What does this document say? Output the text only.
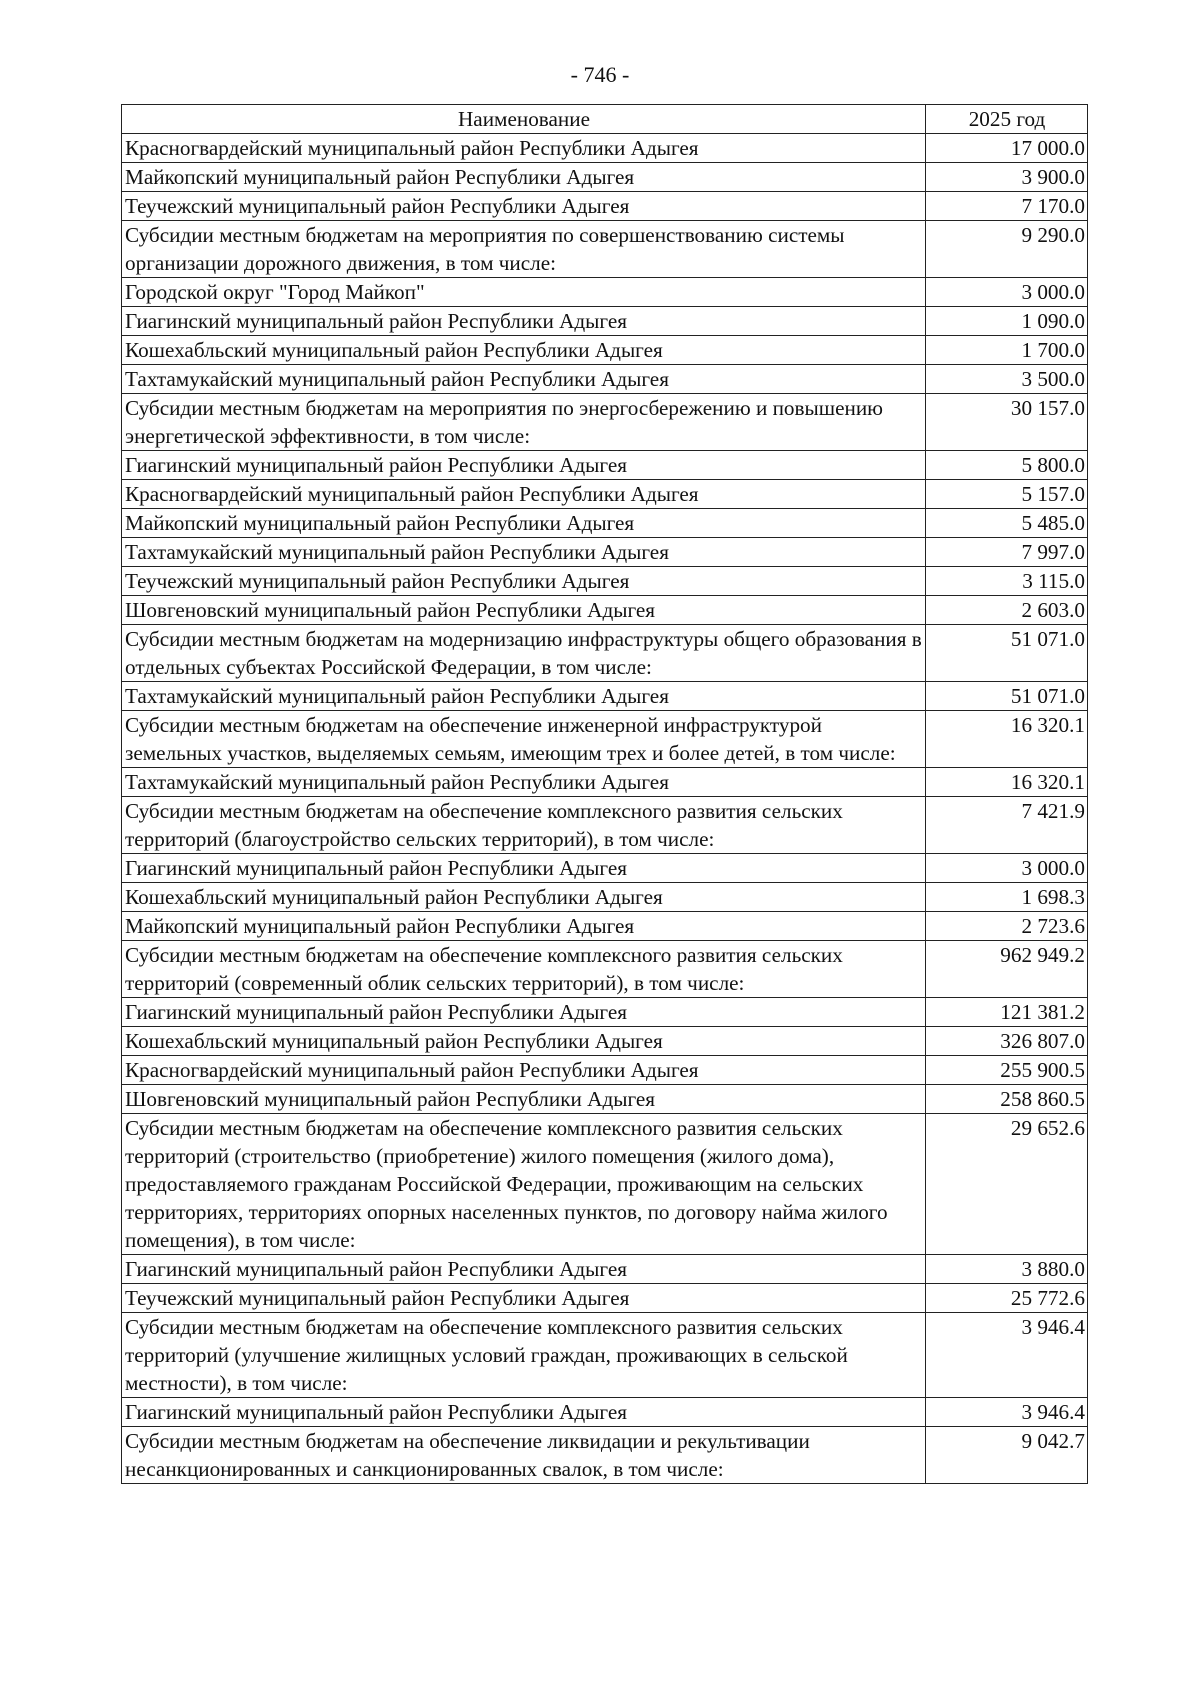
- 746 -
Наименование	2025 год
Красногвардейский муниципальный район Республики Адыгея	17 000.0
Майкопский муниципальный район Республики Адыгея	3 900.0
Теучежский муниципальный район Республики Адыгея	7 170.0
Субсидии местным бюджетам на мероприятия по совершенствованию системы организации дорожного движения, в том числе:	9 290.0
Городской округ "Город Майкоп"	3 000.0
Гиагинский муниципальный район Республики Адыгея	1 090.0
Кошехабльский муниципальный район Республики Адыгея	1 700.0
Тахтамукайский муниципальный район Республики Адыгея	3 500.0
Субсидии местным бюджетам на мероприятия по энергосбережению и повышению энергетической эффективности, в том числе:	30 157.0
Гиагинский муниципальный район Республики Адыгея	5 800.0
Красногвардейский муниципальный район Республики Адыгея	5 157.0
Майкопский муниципальный район Республики Адыгея	5 485.0
Тахтамукайский муниципальный район Республики Адыгея	7 997.0
Теучежский муниципальный район Республики Адыгея	3 115.0
Шовгеновский муниципальный район Республики Адыгея	2 603.0
Субсидии местным бюджетам на модернизацию инфраструктуры общего образования в отдельных субъектах Российской Федерации, в том числе:	51 071.0
Тахтамукайский муниципальный район Республики Адыгея	51 071.0
Субсидии местным бюджетам на обеспечение инженерной инфраструктурой земельных участков, выделяемых семьям, имеющим трех и более детей, в том числе:	16 320.1
Тахтамукайский муниципальный район Республики Адыгея	16 320.1
Субсидии местным бюджетам на обеспечение комплексного развития сельских территорий (благоустройство сельских территорий), в том числе:	7 421.9
Гиагинский муниципальный район Республики Адыгея	3 000.0
Кошехабльский муниципальный район Республики Адыгея	1 698.3
Майкопский муниципальный район Республики Адыгея	2 723.6
Субсидии местным бюджетам на обеспечение комплексного развития сельских территорий (современный облик сельских территорий), в том числе:	962 949.2
Гиагинский муниципальный район Республики Адыгея	121 381.2
Кошехабльский муниципальный район Республики Адыгея	326 807.0
Красногвардейский муниципальный район Республики Адыгея	255 900.5
Шовгеновский муниципальный район Республики Адыгея	258 860.5
Субсидии местным бюджетам на обеспечение комплексного развития сельских территорий (строительство (приобретение) жилого помещения (жилого дома), предоставляемого гражданам Российской Федерации, проживающим на сельских территориях, территориях опорных населенных пунктов, по договору найма жилого помещения), в том числе:	29 652.6
Гиагинский муниципальный район Республики Адыгея	3 880.0
Теучежский муниципальный район Республики Адыгея	25 772.6
Субсидии местным бюджетам на обеспечение комплексного развития сельских территорий (улучшение жилищных условий граждан, проживающих в сельской местности), в том числе:	3 946.4
Гиагинский муниципальный район Республики Адыгея	3 946.4
Субсидии местным бюджетам на обеспечение ликвидации и рекультивации несанкционированных и санкционированных свалок, в том числе:	9 042.7
